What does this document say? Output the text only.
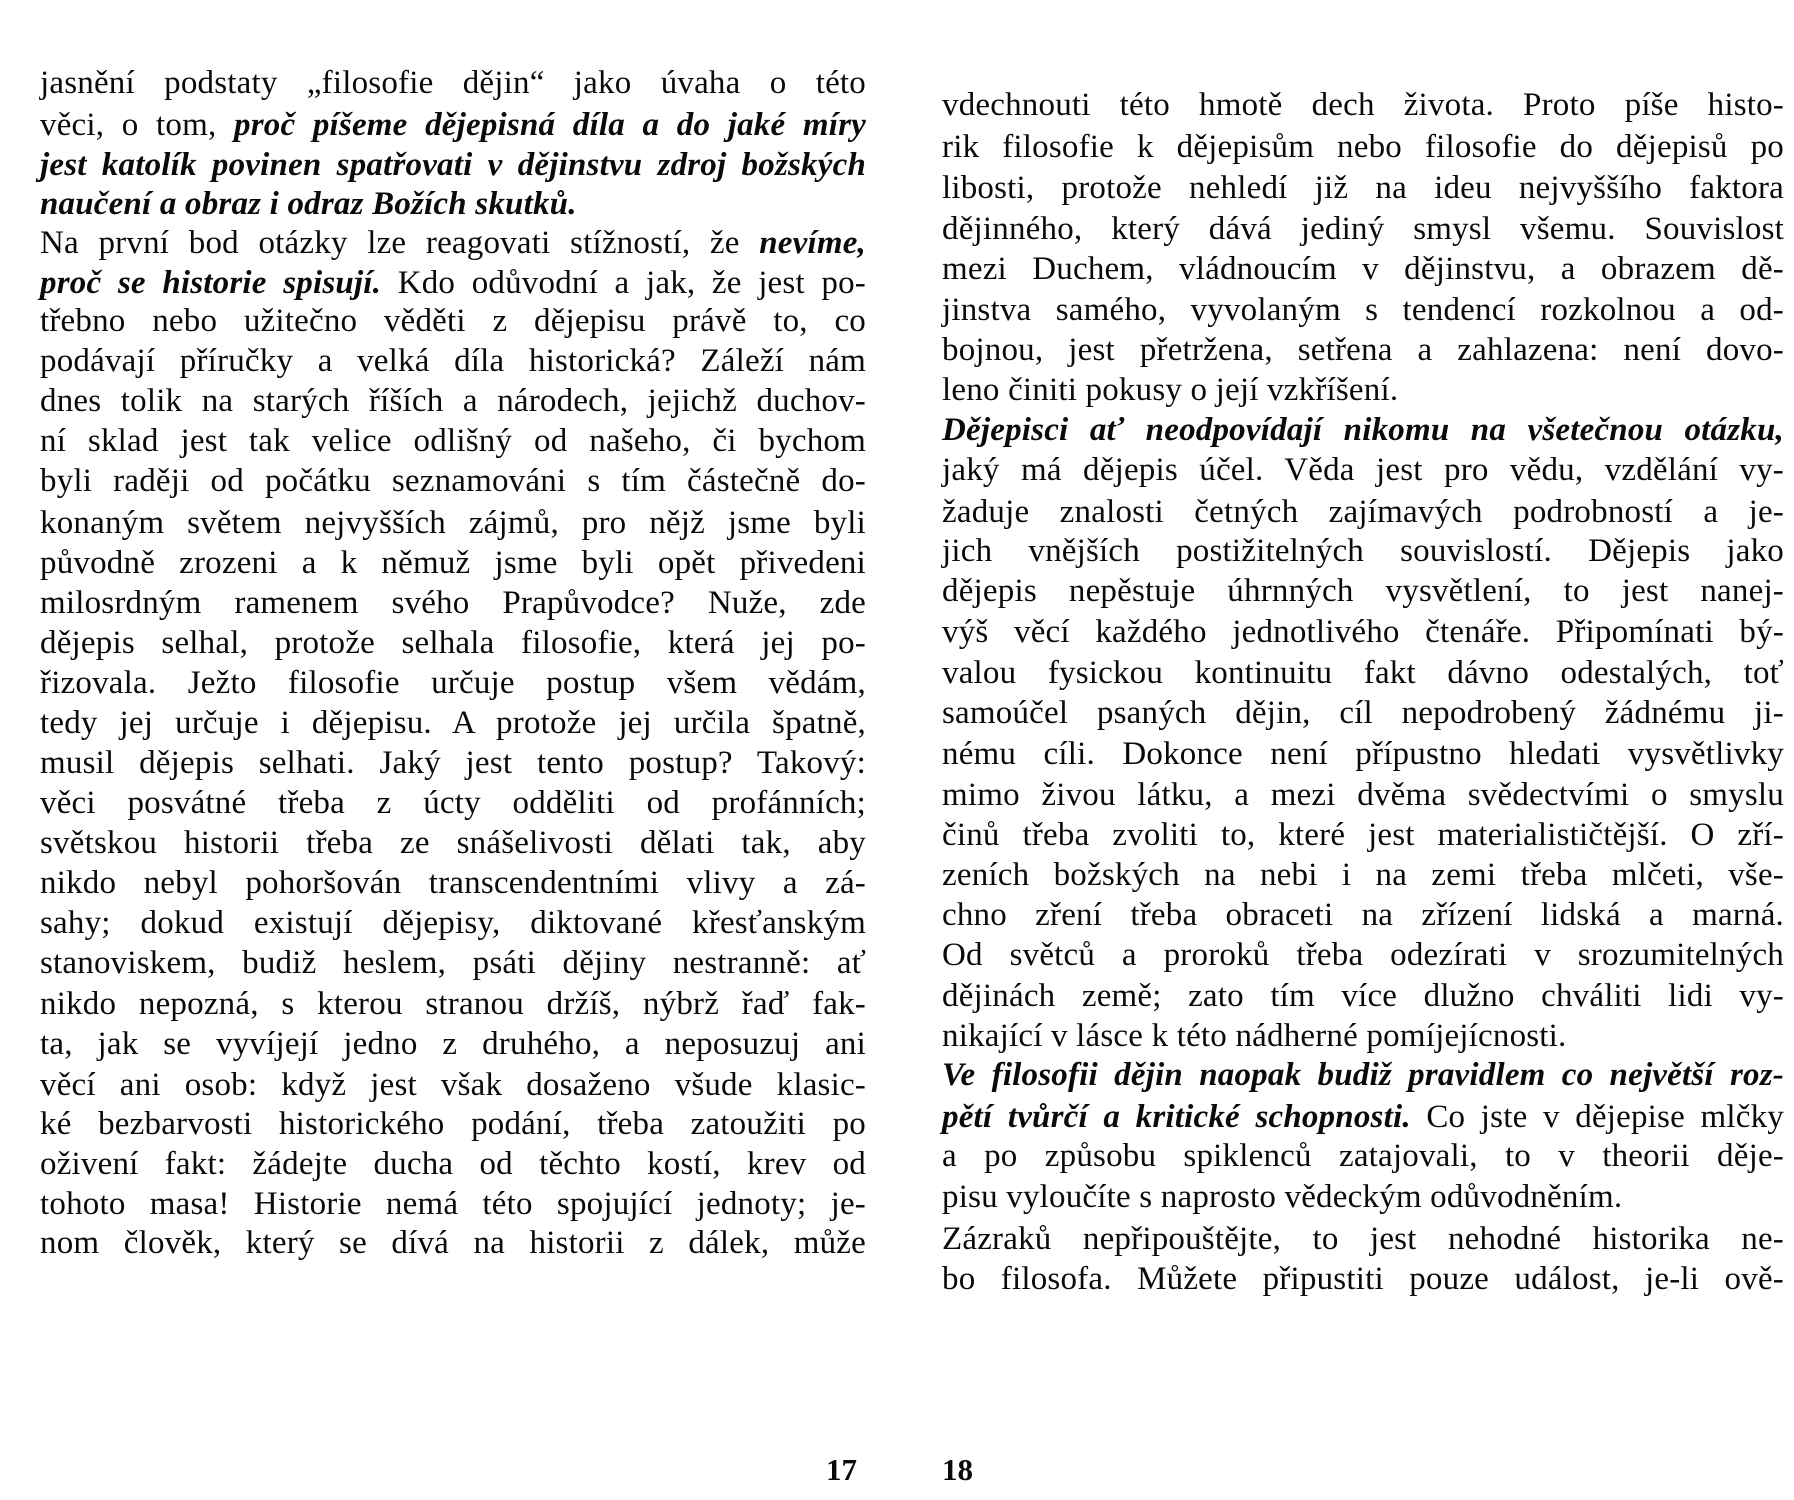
17
jasnění podstaty „filosofie dějin“ jako úvaha o této
věci, o tom, proč píšeme dějepisná díla a do jaké míry
jest katolík povinen spatřovati v dějinstvu zdroj božských
naučení a obraz i odraz Božích skutků.
Na první bod otázky lze reagovati stížností, že nevíme,
proč se historie spisují. Kdo odůvodní a jak, že jest po-
třebno nebo užitečno věděti z dějepisu právě to, co
podávají příručky a velká díla historická? Záleží nám
dnes tolik na starých říších a národech, jejichž duchov-
ní sklad jest tak velice odlišný od našeho, či bychom
byli raději od počátku seznamováni s tím částečně do-
konaným světem nejvyšších zájmů, pro nějž jsme byli
původně zrozeni a k němuž jsme byli opět přivedeni
milosrdným ramenem svého Prapůvodce? Nuže, zde
dějepis selhal, protože selhala filosofie, která jej po-
řizovala. Ježto filosofie určuje postup všem vědám,
tedy jej určuje i dějepisu. A protože jej určila špatně,
musil dějepis selhati. Jaký jest tento postup? Takový:
věci posvátné třeba z úcty odděliti od profánních;
světskou historii třeba ze snášelivosti dělati tak, aby
nikdo nebyl pohoršován transcendentními vlivy a zá-
sahy; dokud existují dějepisy, diktované křesťanským
stanoviskem, budiž heslem, psáti dějiny nestranně: ať
nikdo nepozná, s kterou stranou držíš, nýbrž řaď fak-
ta, jak se vyvíjejí jedno z druhého, a neposuzuj ani
věcí ani osob: když jest však dosaženo všude klasic-
ké bezbarvosti historického podání, třeba zatoužiti po
oživení fakt: žádejte ducha od těchto kostí, krev od
tohoto masa! Historie nemá této spojující jednoty; je-
nom člověk, který se dívá na historii z dálek, může
18
vdechnouti této hmotě dech života. Proto píše histo-
rik filosofie k dějepisům nebo filosofie do dějepisů po
libosti, protože nehledí již na ideu nejvyššího faktora
dějinného, který dává jediný smysl všemu. Souvislost
mezi Duchem, vládnoucím v dějinstvu, a obrazem dě-
jinstva samého, vyvolaným s tendencí rozkolnou a od-
bojnou, jest přetržena, setřena a zahlazena: není dovo-
leno činiti pokusy o její vzkříšení.
Dějepisci ať neodpovídají nikomu na všetečnou otázku,
jaký má dějepis účel. Věda jest pro vědu, vzdělání vy-
žaduje znalosti četných zajímavých podrobností a je-
jich vnějších postižitelných souvislostí. Dějepis jako
dějepis nepěstuje úhrnných vysvětlení, to jest nanej-
výš věcí každého jednotlivého čtenáře. Připomínati bý-
valou fysickou kontinuitu fakt dávno odestalých, toť
samoúčel psaných dějin, cíl nepodrobený žádnému ji-
nému cíli. Dokonce není přípustno hledati vysvětlivky
mimo živou látku, a mezi dvěma svědectvími o smyslu
činů třeba zvoliti to, které jest materialističtější. O zří-
zeních božských na nebi i na zemi třeba mlčeti, vše-
chno zření třeba obraceti na zřízení lidská a marná.
Od světců a proroků třeba odezírati v srozumitelných
dějinách země; zato tím více dlužno chváliti lidi vy-
nikající v lásce k této nádherné pomíjejícnosti.
Ve filosofii dějin naopak budiž pravidlem co největší roz-
pětí tvůrčí a kritické schopnosti. Co jste v dějepise mlčky
a po způsobu spiklenců zatajovali, to v theorii děje-
pisu vyloučíte s naprosto vědeckým odůvodněním.
Zázraků nepřipouštějte, to jest nehodné historika ne-
bo filosofa. Můžete připustiti pouze událost, je-li ově-
